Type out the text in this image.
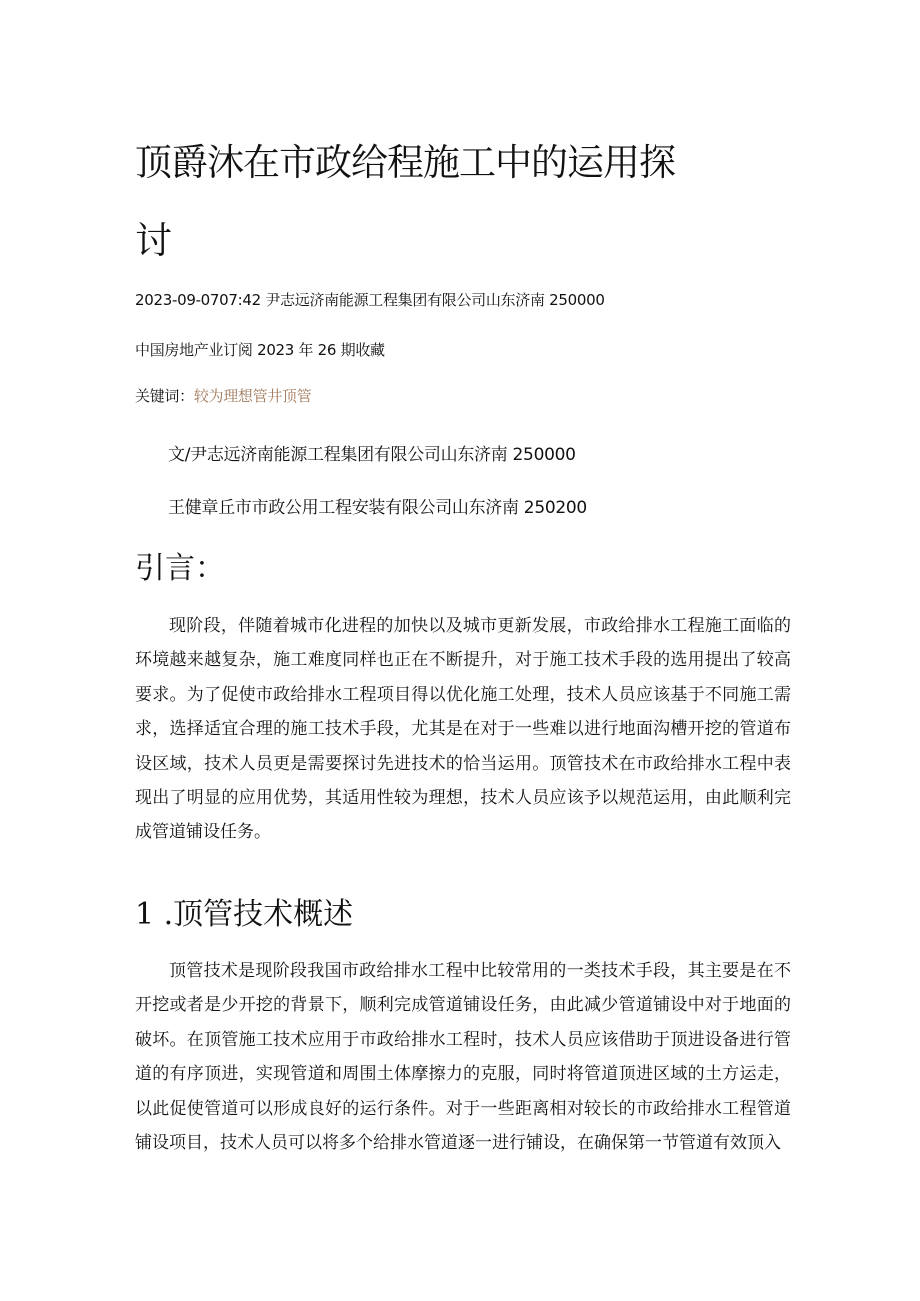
顶爵沐在市政给程施工中的运用探
讨
2023-09-0707:42 尹志远济南能源工程集团有限公司山东济南 250000
中国房地产业订阅 2023 年 26 期收藏
关键词：较为理想管井顶管
文/尹志远济南能源工程集团有限公司山东济南 250000
王健章丘市市政公用工程安装有限公司山东济南 250200
引言：

现阶段，伴随着城市化进程的加快以及城市更新发展，市政给排水工程施工面临的环境越来越复杂，施工难度同样也正在不断提升，对于施工技术手段的选用提出了较高要求。为了促使市政给排水工程项目得以优化施工处理，技术人员应该基于不同施工需求，选择适宜合理的施工技术手段，尤其是在对于一些难以进行地面沟槽开挖的管道布设区域，技术人员更是需要探讨先进技术的恰当运用。顶管技术在市政给排水工程中表现出了明显的应用优势，其适用性较为理想，技术人员应该予以规范运用，由此顺利完成管道铺设任务。

1 .顶管技术概述

顶管技术是现阶段我国市政给排水工程中比较常用的一类技术手段，其主要是在不开挖或者是少开挖的背景下，顺利完成管道铺设任务，由此减少管道铺设中对于地面的破坏。在顶管施工技术应用于市政给排水工程时，技术人员应该借助于顶进设备进行管道的有序顶进，实现管道和周围土体摩擦力的克服，同时将管道顶进区域的土方运走，以此促使管道可以形成良好的运行条件。对于一些距离相对较长的市政给排水工程管道铺设项目，技术人员可以将多个给排水管道逐一进行铺设，在确保第一节管道有效顶入
